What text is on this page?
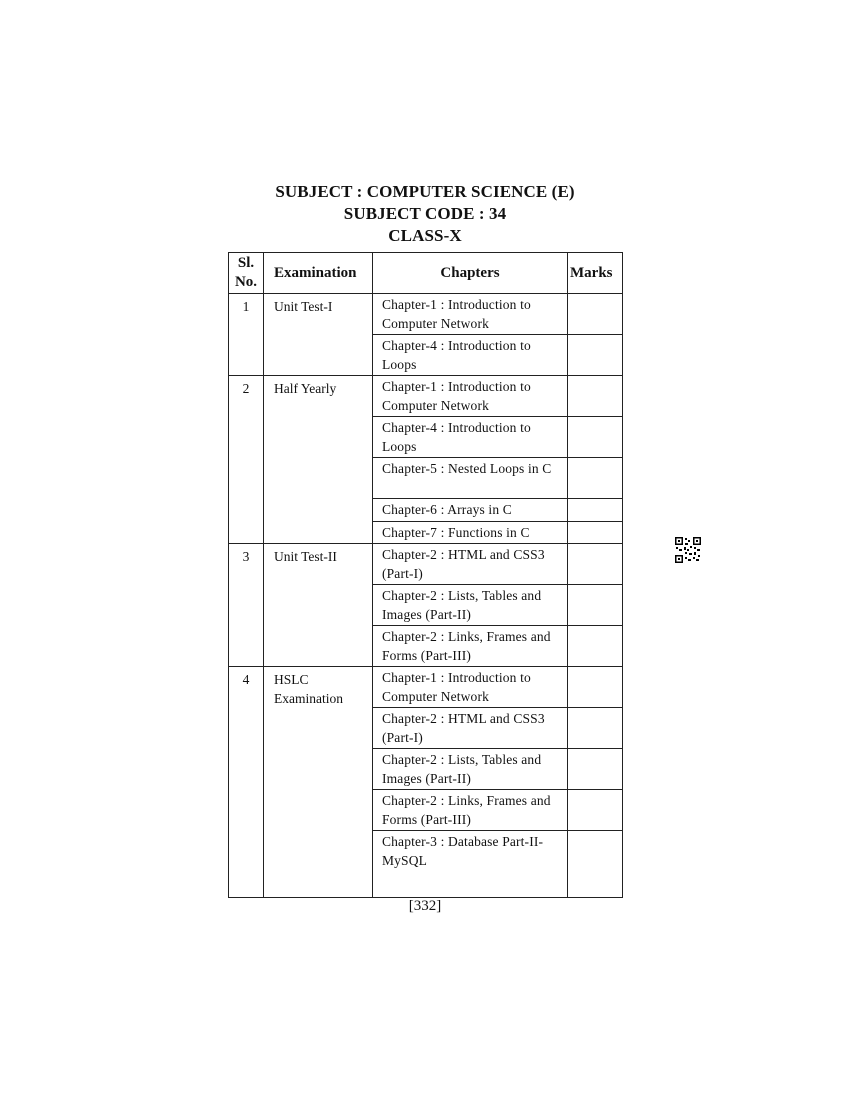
SUBJECT : COMPUTER SCIENCE (E)
SUBJECT CODE : 34
CLASS-X
Sl. No.	Examination	Chapters	Marks
1	Unit Test-I	Chapter-1 : Introduction to Computer Network	
		Chapter-4 : Introduction to Loops	
2	Half Yearly	Chapter-1 : Introduction to Computer Network	
		Chapter-4 : Introduction to Loops	
		Chapter-5 : Nested Loops in C	
		Chapter-6 : Arrays in C	
		Chapter-7 : Functions in C	
3	Unit Test-II	Chapter-2 : HTML and CSS3 (Part-I)	
		Chapter-2 : Lists, Tables and Images (Part-II)	
		Chapter-2 : Links, Frames and Forms (Part-III)	
4	HSLC Examination	Chapter-1 : Introduction to Computer Network	
		Chapter-2 : HTML and CSS3 (Part-I)	
		Chapter-2 : Lists, Tables and Images (Part-II)	
		Chapter-2 : Links, Frames and Forms (Part-III)	
		Chapter-3 : Database Part-II-MySQL	
[332]
